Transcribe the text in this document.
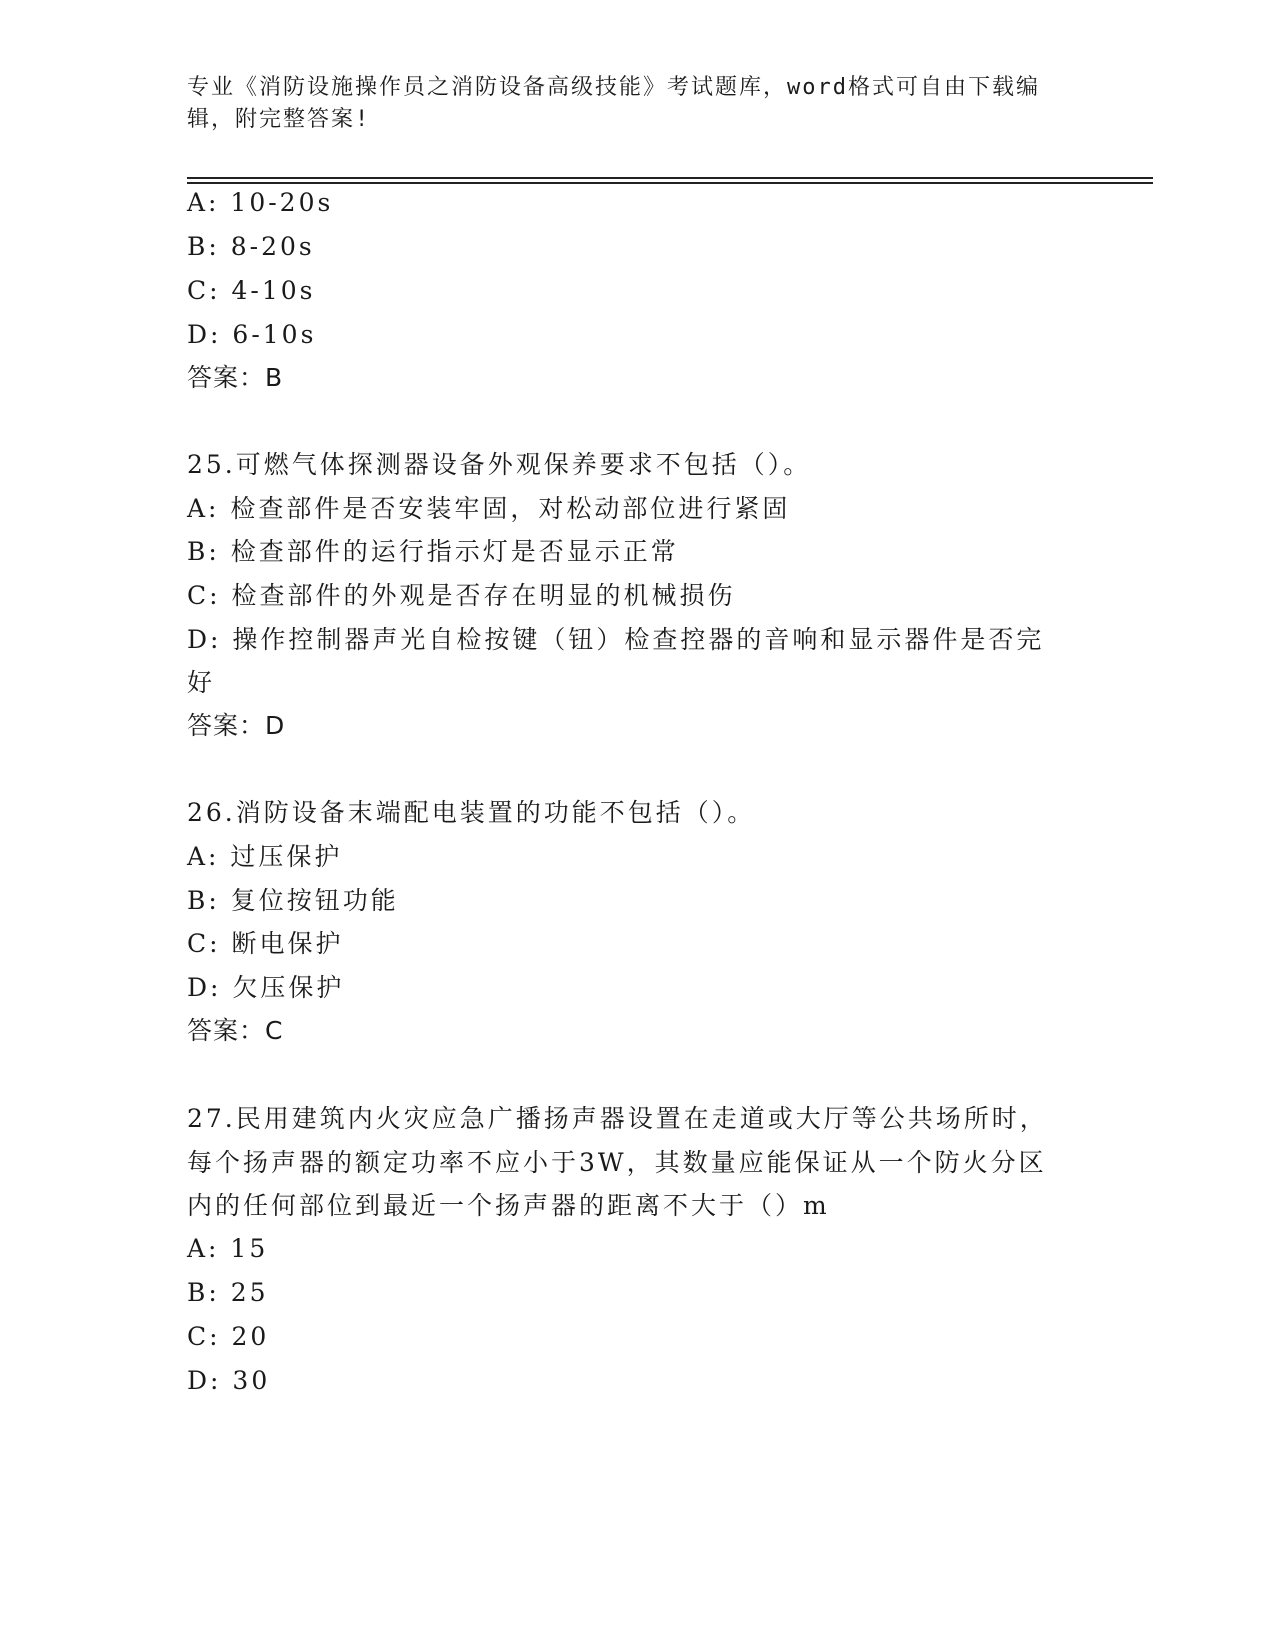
专业《消防设施操作员之消防设备高级技能》考试题库，word格式可自由下载编辑，附完整答案!
A: 10-20s
B: 8-20s
C: 4-10s
D: 6-10s
答案：B
25.可燃气体探测器设备外观保养要求不包括（）。
A: 检查部件是否安装牢固，对松动部位进行紧固
B: 检查部件的运行指示灯是否显示正常
C: 检查部件的外观是否存在明显的机械损伤
D: 操作控制器声光自检按键（钮）检查控器的音响和显示器件是否完
好
答案：D
26.消防设备末端配电装置的功能不包括（）。
A: 过压保护
B: 复位按钮功能
C: 断电保护
D: 欠压保护
答案：C
27.民用建筑内火灾应急广播扬声器设置在走道或大厅等公共场所时，
每个扬声器的额定功率不应小于3W，其数量应能保证从一个防火分区
内的任何部位到最近一个扬声器的距离不大于（）m
A: 15
B: 25
C: 20
D: 30
